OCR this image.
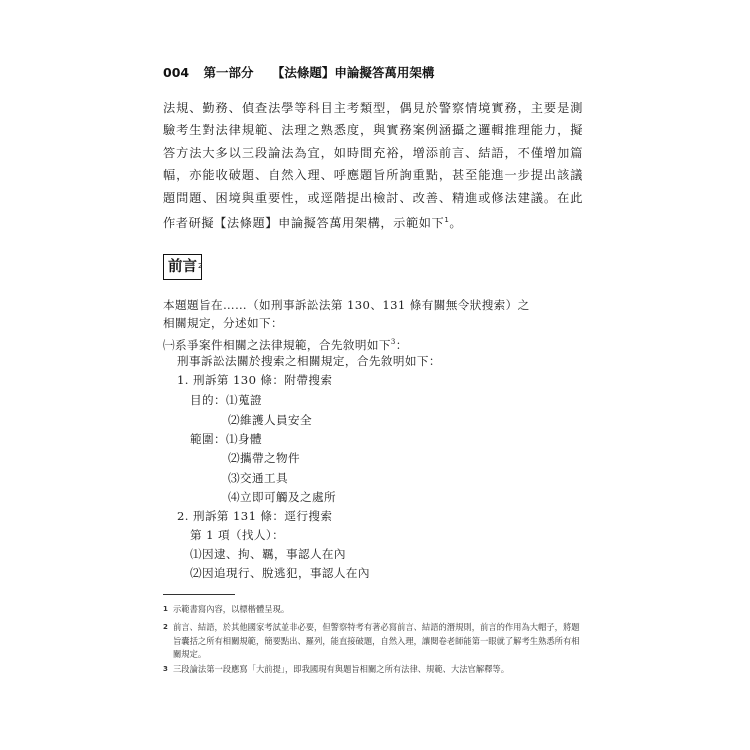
004 第一部分 【法條題】申論擬答萬用架構
法規、勤務、偵查法學等科目主考類型，偶見於警察情境實務，主要是測驗考生對法律規範、法理之熟悉度，與實務案例涵攝之邏輯推理能力，擬答方法大多以三段論法為宜，如時間充裕，增添前言、結語，不僅增加篇幅，亦能收破題、自然入理、呼應題旨所詢重點，甚至能進一步提出該議題問題、困境與重要性，或逕階提出檢討、改善、精進或修法建議。在此作者研擬【法條題】申論擬答萬用架構，示範如下$^1$。
前言 2
本題題旨在……（如刑事訴訟法第 130、131 條有關無令狀搜索）之
相關規定，分述如下：
㈠系爭案件相關之法律規範，合先敘明如下$^3$：
刑事訴訟法關於搜索之相關規定，合先敘明如下：
1. 刑訴第 130 條：附帶搜索
目的：⑴蒐證
⑵維護人員安全
範圍：⑴身體
⑵攜帶之物件
⑶交通工具
⑷立即可觸及之處所
2. 刑訴第 131 條：逕行搜索
第 1 項（找人）：
⑴因逮、拘、羈，事認人在內
⑵因追現行、脫逃犯，事認人在內
1 示範書寫內容，以標楷體呈現。
2 前言、結語，於其他國家考試並非必要，但警察特考有著必寫前言、結語的潛規則，前言的作用為大帽子，將題旨囊括之所有相關規範，簡要點出、羅列，能直接破題，自然入理，讓閱卷老師能第一眼就了解考生熟悉所有相關規定。
3 三段論法第一段應寫「大前提」，即我國現有與題旨相關之所有法律、規範、大法官解釋等。
